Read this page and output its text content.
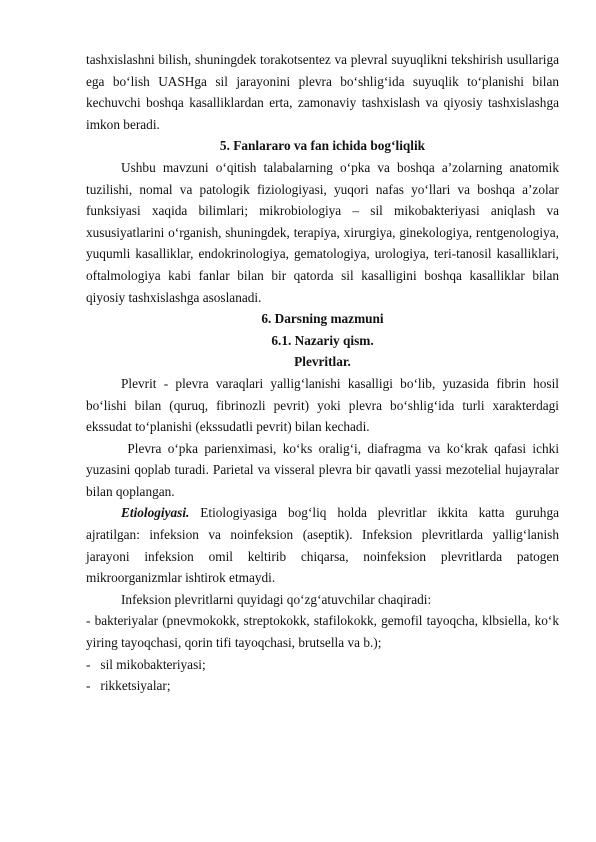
tashxislashni bilish, shuningdek torakotsentez va plevral suyuqlikni tekshirish usullariga ega bo‘lish UASHga sil jarayonini plevra bo‘shlig‘ida suyuqlik to‘planishi bilan kechuvchi boshqa kasalliklardan erta, zamonaviy tashxislash va qiyosiy tashxislashga imkon beradi.

5. Fanlararo va fan ichida bog‘liqlik

Ushbu mavzuni o‘qitish talabalarning o‘pka va boshqa a’zolarning anatomik tuzilishi, nomal va patologik fiziologiyasi, yuqori nafas yo‘llari va boshqa a’zolar funksiyasi xaqida bilimlari; mikrobiologiya – sil mikobakteriyasi aniqlash va xususiyatlarini o‘rganish, shuningdek, terapiya, xirurgiya, ginekologiya, rentgenologiya, yuqumli kasalliklar, endokrinologiya, gematologiya, urologiya, teri-tanosil kasalliklari, oftalmologiya kabi fanlar bilan bir qatorda sil kasalligini boshqa kasalliklar bilan qiyosiy tashxislashga asoslanadi.

6. Darsning mazmuni

6.1. Nazariy qism.

Plevritlar.

Plevrit - plevra varaqlari yallig‘lanishi kasalligi bo‘lib, yuzasida fibrin hosil bo‘lishi bilan (quruq, fibrinozli pevrit) yoki plevra bo‘shlig‘ida turli xarakterdagi ekssudat to‘planishi (ekssudatli pevrit) bilan kechadi.

Plevra o‘pka parienximasi, ko‘ks oralig‘i, diafragma va ko‘krak qafasi ichki yuzasini qoplab turadi. Parietal va visseral plevra bir qavatli yassi mezotelial hujayralar bilan qoplangan.

Etiologiyasi. Etiologiyasiga bog‘liq holda plevritlar ikkita katta guruhga ajratilgan: infeksion va noinfeksion (aseptik). Infeksion plevritlarda yallig‘lanish jarayoni infeksion omil keltirib chiqarsa, noinfeksion plevritlarda patogen mikroorganizmlar ishtirok etmaydi.

Infeksion plevritlarni quyidagi qo‘zg‘atuvchilar chaqiradi:

- bakteriyalar (pnevmokokk, streptokokk, stafilokokk, gemofil tayoqcha, klbsiella, ko‘k yiring tayoqchasi, qorin tifi tayoqchasi, brutsella va b.);

-   sil mikobakteriyasi;

-   rikketsiyalar;
